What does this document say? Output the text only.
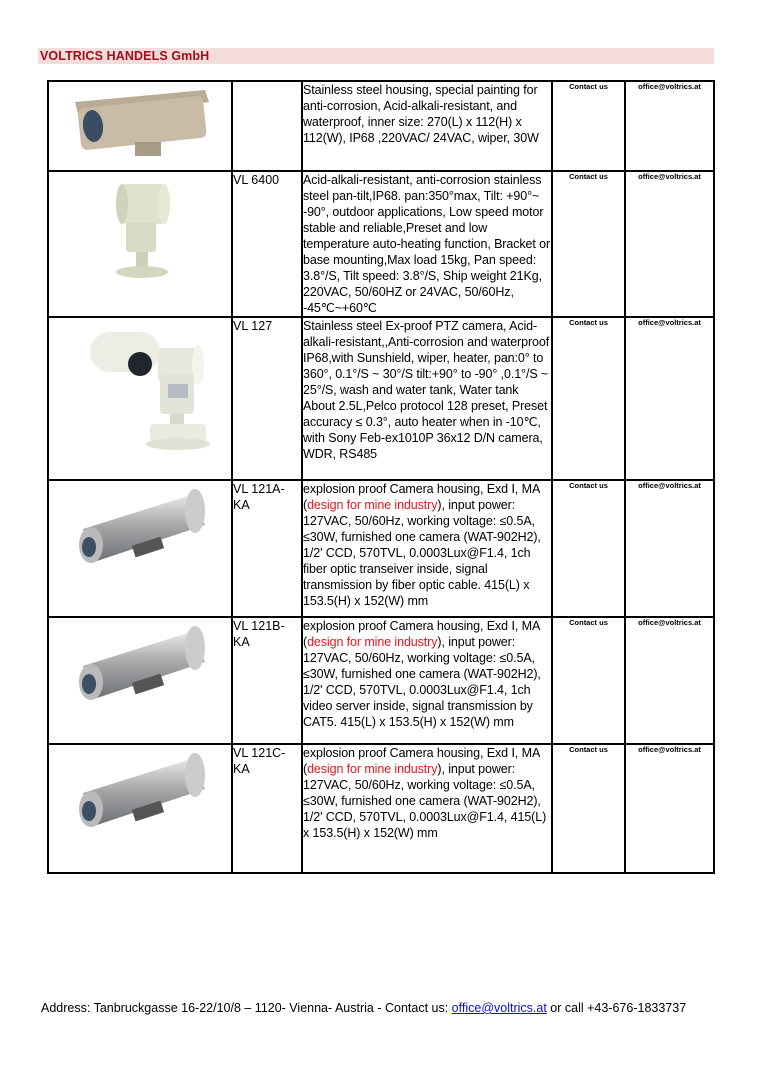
VOLTRICS HANDELS GmbH
		Stainless steel housing, special painting for anti-corrosion, Acid-alkali-resistant, and waterproof, inner size: 270(L) x 112(H) x 112(W), IP68 ,220VAC/ 24VAC, wiper, 30W	Contact us	office@voltrics.at

	VL 6400	Acid-alkali-resistant, anti-corrosion stainless steel pan-tilt,IP68. pan:350°max, Tilt: +90°~ -90°, outdoor applications, Low speed motor stable and reliable,Preset and low temperature auto-heating function, Bracket or base mounting,Max load 15kg, Pan speed: 3.8°/S, Tilt speed: 3.8°/S, Ship weight 21Kg, 220VAC, 50/60HZ or 24VAC, 50/60Hz, -45℃~+60℃	Contact us	office@voltrics.at

	VL 127	Stainless steel Ex-proof PTZ camera, Acid-alkali-resistant,,Anti-corrosion and waterproof IP68,with Sunshield, wiper, heater, pan:0° to 360°, 0.1°/S ~ 30°/S tilt:+90° to -90° ,0.1°/S ~ 25°/S, wash and water tank, Water tank About 2.5L,Pelco protocol 128 preset, Preset accuracy ≤ 0.3°, auto heater when in -10℃, with Sony Feb-ex1010P 36x12 D/N camera, WDR, RS485	Contact us	office@voltrics.at

	VL 121A-KA	explosion proof Camera housing, Exd Ⅰ, MA (design for mine industry), input power: 127VAC, 50/60Hz, working voltage: ≤0.5A, ≤30W, furnished one camera (WAT-902H2), 1/2' CCD, 570TVL, 0.0003Lux@F1.4, 1ch fiber optic transeiver inside, signal transmission by fiber optic cable. 415(L) x 153.5(H) x 152(W) mm	Contact us	office@voltrics.at

	VL 121B-KA	explosion proof Camera housing, Exd Ⅰ, MA (design for mine industry), input power: 127VAC, 50/60Hz, working voltage: ≤0.5A, ≤30W, furnished one camera (WAT-902H2), 1/2' CCD, 570TVL, 0.0003Lux@F1.4, 1ch video server inside, signal transmission by CAT5. 415(L) x 153.5(H) x 152(W) mm	Contact us	office@voltrics.at

	VL 121C-KA	explosion proof Camera housing, Exd Ⅰ, MA (design for mine industry), input power: 127VAC, 50/60Hz, working voltage: ≤0.5A, ≤30W, furnished one camera (WAT-902H2), 1/2' CCD, 570TVL, 0.0003Lux@F1.4, 415(L) x 153.5(H) x 152(W) mm	Contact us	office@voltrics.at
Address: Tanbruckgasse 16-22/10/8 – 1120- Vienna- Austria - Contact us: office@voltrics.at or call +43-676-1833737
